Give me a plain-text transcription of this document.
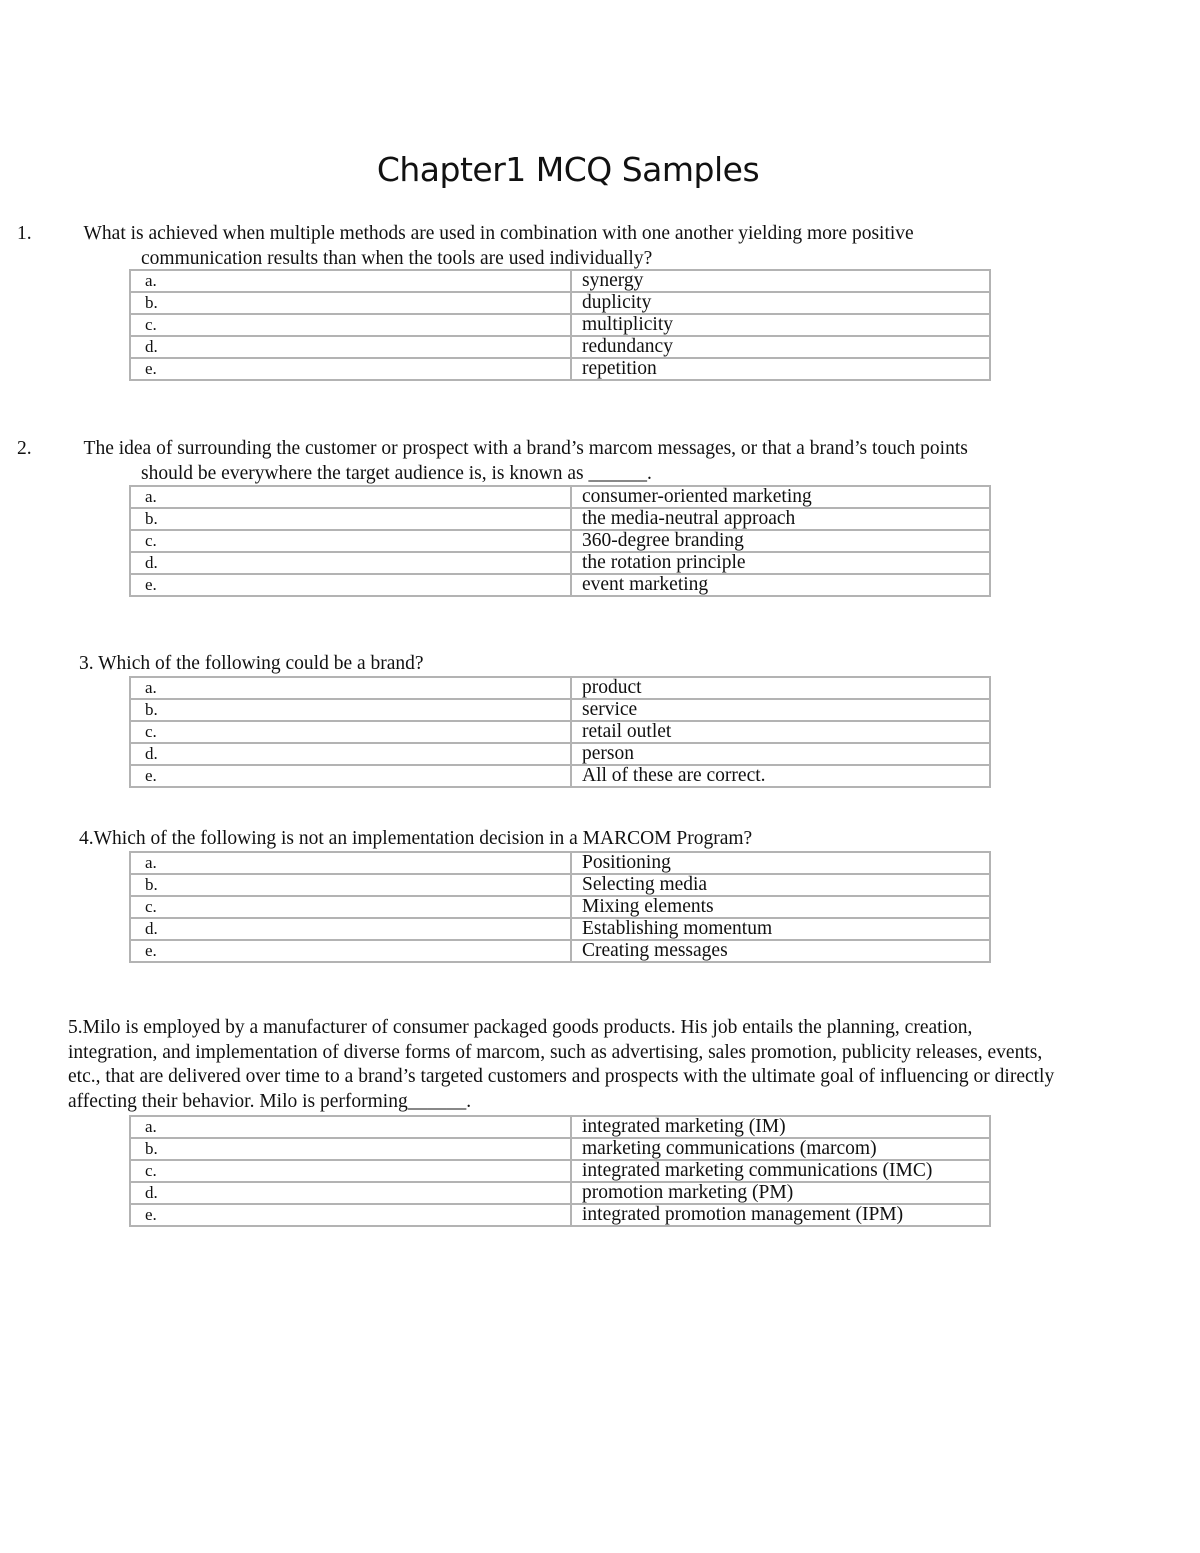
Chapter1 MCQ Samples

1.	What is achieved when multiple methods are used in combination with one another yielding more positive communication results than when the tools are used individually?

a.	synergy
b.	duplicity
c.	multiplicity
d.	redundancy
e.	repetition

2.	The idea of surrounding the customer or prospect with a brand’s marcom messages, or that a brand’s touch points should be everywhere the target audience is, is known as ______.

a.	consumer-oriented marketing
b.	the media-neutral approach
c.	360-degree branding
d.	the rotation principle
e.	event marketing

3. Which of the following could be a brand?

a.	product
b.	service
c.	retail outlet
d.	person
e.	All of these are correct.

4.Which of the following is not an implementation decision in a MARCOM Program?

a.	Positioning
b.	Selecting media
c.	Mixing elements
d.	Establishing momentum
e.	Creating messages

5.Milo is employed by a manufacturer of consumer packaged goods products. His job entails the planning, creation, integration, and implementation of diverse forms of marcom, such as advertising, sales promotion, publicity releases, events, etc., that are delivered over time to a brand’s targeted customers and prospects with the ultimate goal of influencing or directly affecting their behavior. Milo is performing______.

a.	integrated marketing (IM)
b.	marketing communications (marcom)
c.	integrated marketing communications (IMC)
d.	promotion marketing (PM)
e.	integrated promotion management (IPM)
